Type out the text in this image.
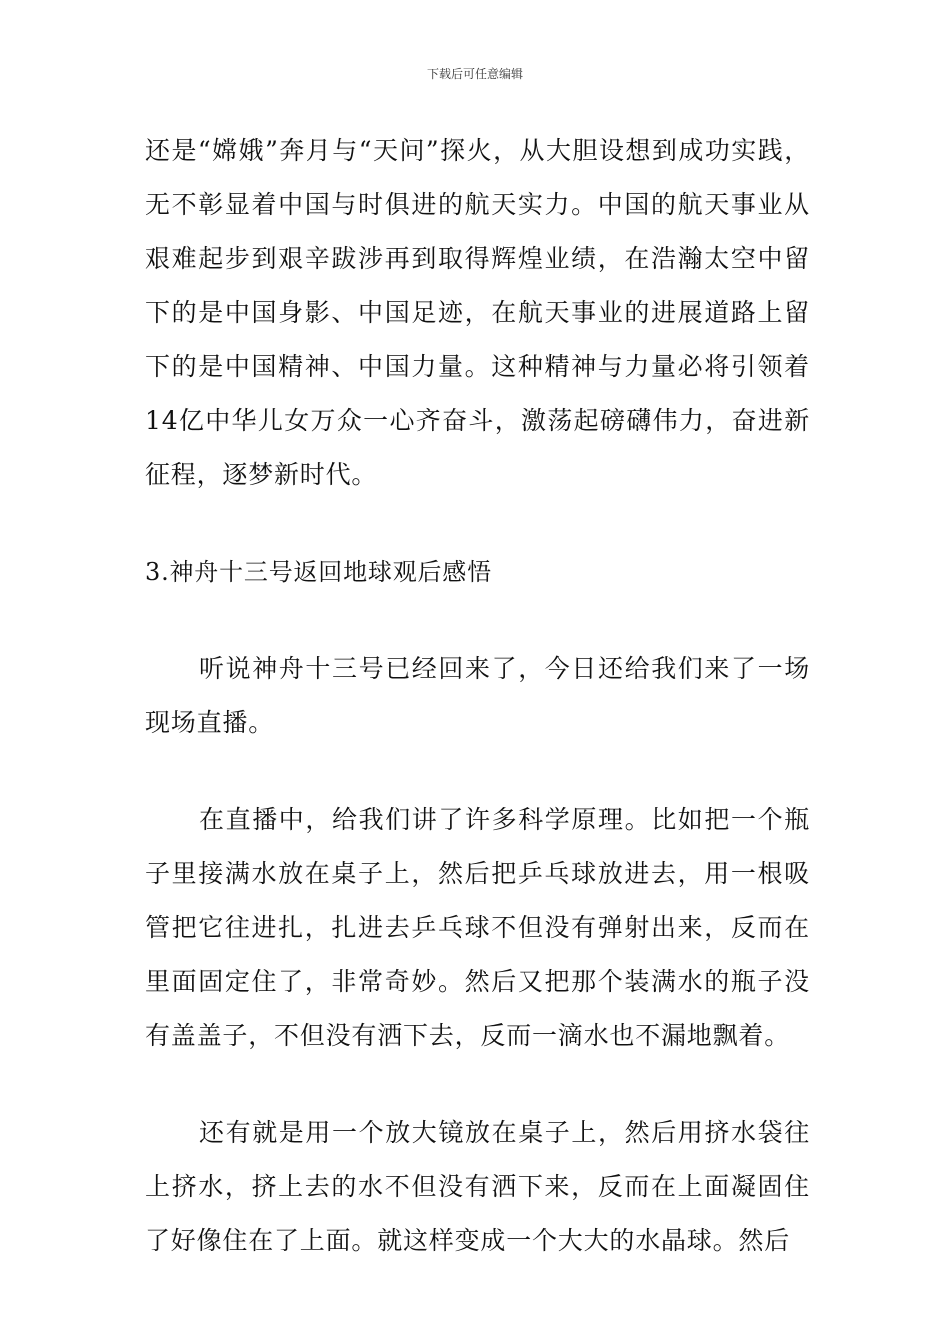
下载后可任意编辑

还是“嫦娥”奔月与“天问”探火，从大胆设想到成功实践，无不彰显着中国与时俱进的航天实力。中国的航天事业从艰难起步到艰辛跋涉再到取得辉煌业绩，在浩瀚太空中留下的是中国身影、中国足迹，在航天事业的进展道路上留下的是中国精神、中国力量。这种精神与力量必将引领着14亿中华儿女万众一心齐奋斗，激荡起磅礴伟力，奋进新征程，逐梦新时代。

3.神舟十三号返回地球观后感悟

听说神舟十三号已经回来了，今日还给我们来了一场现场直播。

在直播中，给我们讲了许多科学原理。比如把一个瓶子里接满水放在桌子上，然后把乒乓球放进去，用一根吸管把它往进扎，扎进去乒乓球不但没有弹射出来，反而在里面固定住了，非常奇妙。然后又把那个装满水的瓶子没有盖盖子，不但没有洒下去，反而一滴水也不漏地飘着。

还有就是用一个放大镜放在桌子上，然后用挤水袋往上挤水，挤上去的水不但没有洒下来，反而在上面凝固住了好像住在了上面。就这样变成一个大大的水晶球。然后
